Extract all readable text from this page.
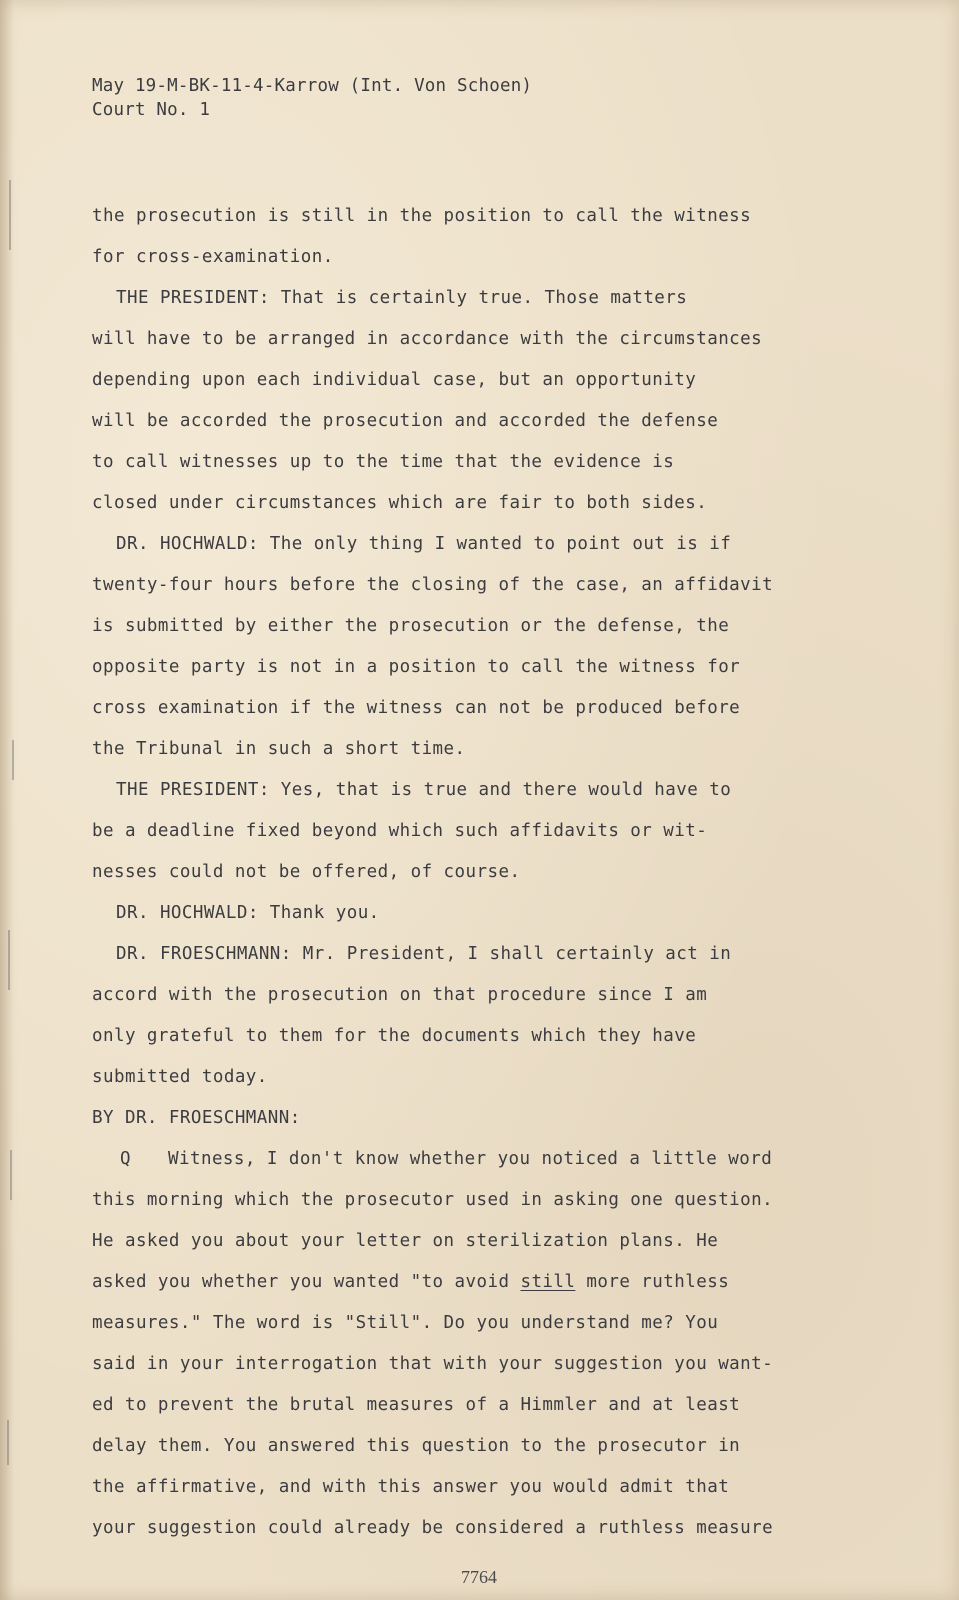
May 19-M-BK-11-4-Karrow (Int. Von Schoen)
Court No. 1
the prosecution is still in the position to call the witness
for cross-examination.
THE PRESIDENT: That is certainly true. Those matters
will have to be arranged in accordance with the circumstances
depending upon each individual case, but an opportunity
will be accorded the prosecution and accorded the defense
to call witnesses up to the time that the evidence is
closed under circumstances which are fair to both sides.
DR. HOCHWALD: The only thing I wanted to point out is if
twenty-four hours before the closing of the case, an affidavit
is submitted by either the prosecution or the defense, the
opposite party is not in a position to call the witness for
cross examination if the witness can not be produced before
the Tribunal in such a short time.
THE PRESIDENT: Yes, that is true and there would have to
be a deadline fixed beyond which such affidavits or wit-
nesses could not be offered, of course.
DR. HOCHWALD: Thank you.
DR. FROESCHMANN: Mr. President, I shall certainly act in
accord with the prosecution on that procedure since I am
only grateful to them for the documents which they have
submitted today.
BY DR. FROESCHMANN:
Q Witness, I don't know whether you noticed a little word
this morning which the prosecutor used in asking one question.
He asked you about your letter on sterilization plans. He
asked you whether you wanted "to avoid still more ruthless
measures." The word is "Still". Do you understand me? You
said in your interrogation that with your suggestion you want-
ed to prevent the brutal measures of a Himmler and at least
delay them. You answered this question to the prosecutor in
the affirmative, and with this answer you would admit that
your suggestion could already be considered a ruthless measure
7764
